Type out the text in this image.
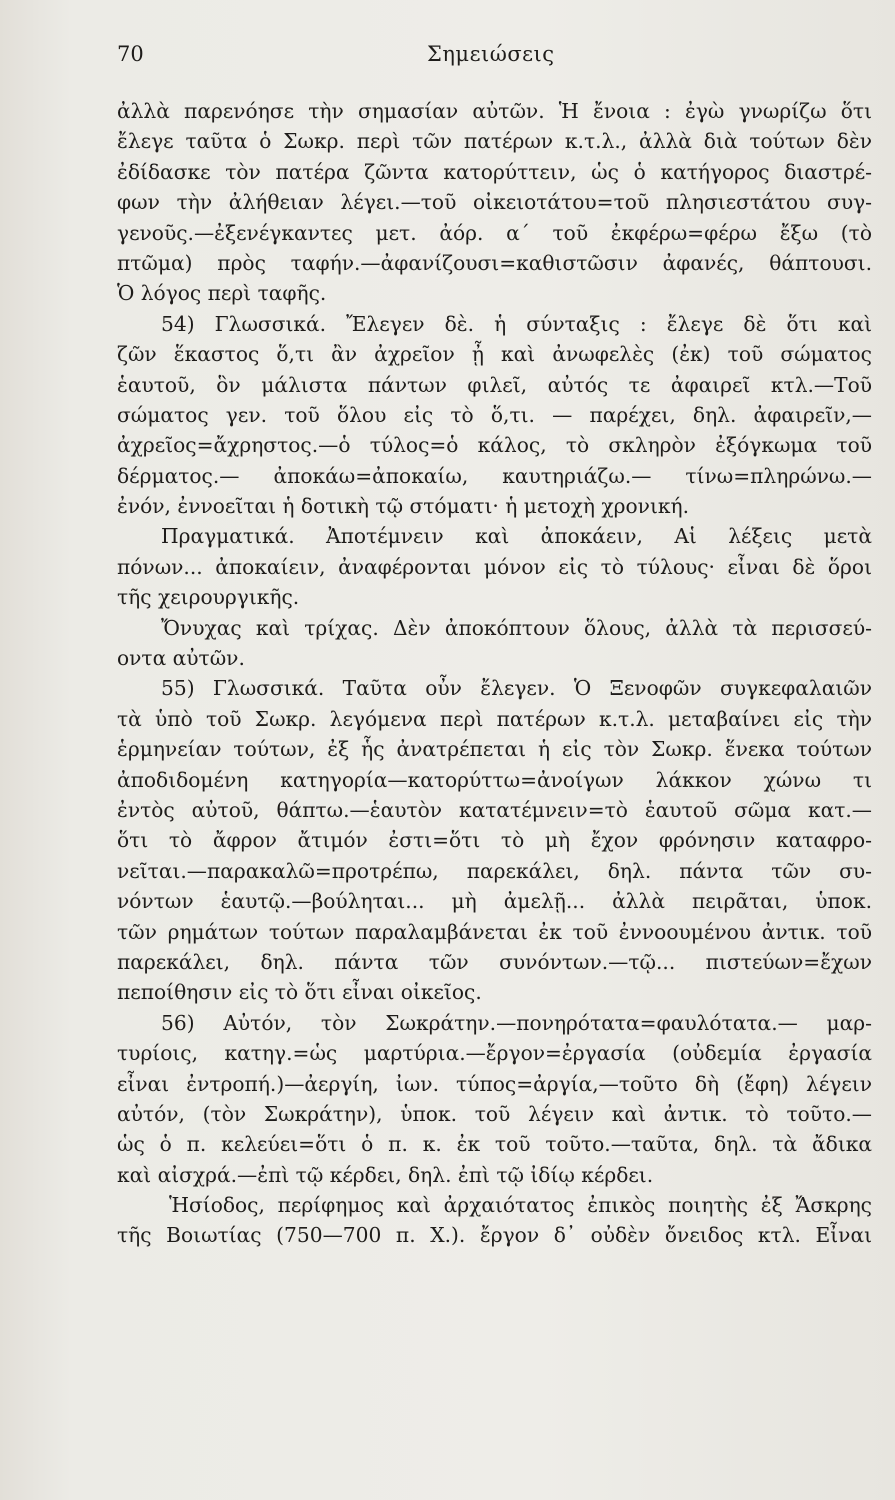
70	Σημειώσεις
ἀλλὰ παρενόησε τὴν σημασίαν αὐτῶν. Ἡ ἔνοια : ἐγὼ γνωρίζω ὅτι
ἔλεγε ταῦτα ὁ Σωκρ. περὶ τῶν πατέρων κ.τ.λ., ἀλλὰ διὰ τούτων δὲν
ἐδίδασκε τὸν πατέρα ζῶντα κατορύττειν, ὡς ὁ κατήγορος διαστρέ-
φων τὴν ἀλήθειαν λέγει.—τοῦ οἰκειοτάτου=τοῦ πλησιεστάτου συγ-
γενοῦς.—ἐξενέγκαντες μετ. ἀόρ. α΄ τοῦ ἐκφέρω=φέρω ἔξω (τὸ
πτῶμα) πρὸς ταφήν.—ἀφανίζουσι=καθιστῶσιν ἀφανές, θάπτουσι.
Ὁ λόγος περὶ ταφῆς.
54) Γλωσσικά. Ἔλεγεν δὲ. ἡ σύνταξις : ἔλεγε δὲ ὅτι καὶ
ζῶν ἕκαστος ὅ,τι ἂν ἀχρεῖον ᾖ καὶ ἀνωφελὲς (ἐκ) τοῦ σώματος
ἑαυτοῦ, ὃν μάλιστα πάντων φιλεῖ, αὐτός τε ἀφαιρεῖ κτλ.—Τοῦ
σώματος γεν. τοῦ ὅλου εἰς τὸ ὅ,τι. — παρέχει, δηλ. ἀφαιρεῖν,—
ἀχρεῖος=ἄχρηστος.—ὁ τύλος=ὁ κάλος, τὸ σκληρὸν ἐξόγκωμα τοῦ
δέρματος.— ἀποκάω=ἀποκαίω, καυτηριάζω.— τίνω=πληρώνω.—
ἐνόν, ἐννοεῖται ἡ δοτικὴ τῷ στόματι· ἡ μετοχὴ χρονική.
Πραγματικά. Ἀποτέμνειν καὶ ἀποκάειν, Αἱ λέξεις μετὰ
πόνων... ἀποκαίειν, ἀναφέρονται μόνον εἰς τὸ τύλους· εἶναι δὲ ὅροι
τῆς χειρουργικῆς.
Ὄνυχας καὶ τρίχας. Δὲν ἀποκόπτουν ὅλους, ἀλλὰ τὰ περισσεύ-
οντα αὐτῶν.
55) Γλωσσικά. Ταῦτα οὖν ἔλεγεν. Ὁ Ξενοφῶν συγκεφαλαιῶν
τὰ ὑπὸ τοῦ Σωκρ. λεγόμενα περὶ πατέρων κ.τ.λ. μεταβαίνει εἰς τὴν
ἑρμηνείαν τούτων, ἐξ ἧς ἀνατρέπεται ἡ εἰς τὸν Σωκρ. ἕνεκα τούτων
ἀποδιδομένη κατηγορία—κατορύττω=ἀνοίγων λάκκον χώνω τι
ἐντὸς αὐτοῦ, θάπτω.—ἑαυτὸν κατατέμνειν=τὸ ἑαυτοῦ σῶμα κατ.—
ὅτι τὸ ἄφρον ἄτιμόν ἐστι=ὅτι τὸ μὴ ἔχον φρόνησιν καταφρο-
νεῖται.—παρακαλῶ=προτρέπω, παρεκάλει, δηλ. πάντα τῶν συ-
νόντων ἑαυτῷ.—βούληται... μὴ ἀμελῇ... ἀλλὰ πειρᾶται, ὑποκ.
τῶν ρημάτων τούτων παραλαμβάνεται ἐκ τοῦ ἐννοουμένου ἀντικ. τοῦ
παρεκάλει, δηλ. πάντα τῶν συνόντων.—τῷ... πιστεύων=ἔχων
πεποίθησιν εἰς τὸ ὅτι εἶναι οἰκεῖος.
56) Αὐτόν, τὸν Σωκράτην.—πονηρότατα=φαυλότατα.— μαρ-
τυρίοις, κατηγ.=ὡς μαρτύρια.—ἔργον=ἐργασία (οὐδεμία ἐργασία
εἶναι ἐντροπή.)—ἀεργίη, ἰων. τύπος=ἀργία,—τοῦτο δὴ (ἔφη) λέγειν
αὐτόν, (τὸν Σωκράτην), ὑποκ. τοῦ λέγειν καὶ ἀντικ. τὸ τοῦτο.—
ὡς ὁ π. κελεύει=ὅτι ὁ π. κ. ἐκ τοῦ τοῦτο.—ταῦτα, δηλ. τὰ ἄδικα
καὶ αἰσχρά.—ἐπὶ τῷ κέρδει, δηλ. ἐπὶ τῷ ἰδίῳ κέρδει.
Ἡσίοδος, περίφημος καὶ ἀρχαιότατος ἐπικὸς ποιητὴς ἐξ Ἄσκρης
τῆς Βοιωτίας (750—700 π. Χ.). ἔργον δ᾽ οὐδὲν ὄνειδος κτλ. Εἶναι
